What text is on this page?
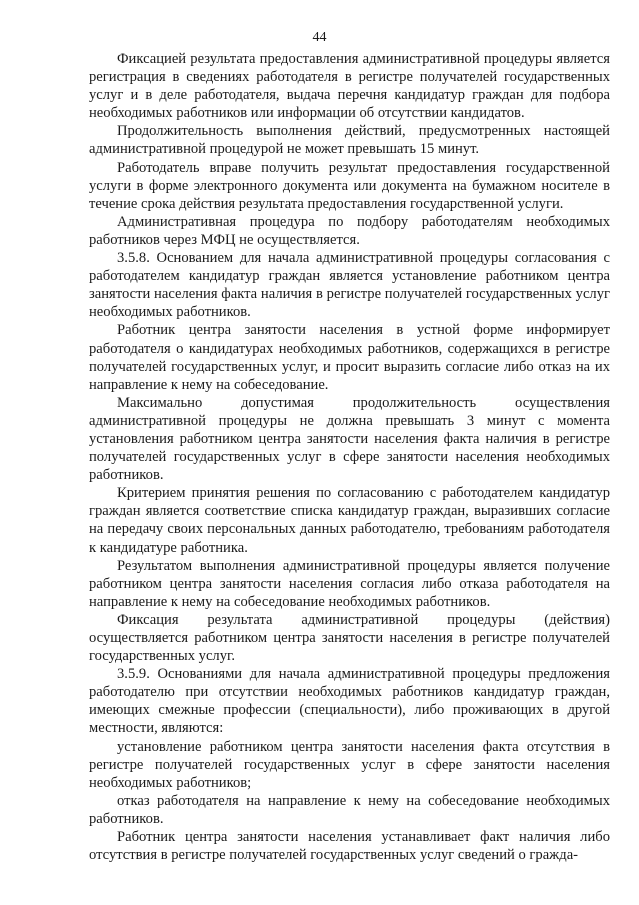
44

Фиксацией результата предоставления административной процедуры является регистрация в сведениях работодателя в регистре получателей государственных услуг и в деле работодателя, выдача перечня кандидатур граждан для подбора необходимых работников или информации об отсутствии кандидатов.

Продолжительность выполнения действий, предусмотренных настоящей административной процедурой не может превышать 15 минут.

Работодатель вправе получить результат предоставления государственной услуги в форме электронного документа или документа на бумажном носителе в течение срока действия результата предоставления государственной услуги.

Административная процедура по подбору работодателям необходимых работников через МФЦ не осуществляется.

3.5.8. Основанием для начала административной процедуры согласования с работодателем кандидатур граждан является установление работником центра занятости населения факта наличия в регистре получателей государственных услуг необходимых работников.

Работник центра занятости населения в устной форме информирует работодателя о кандидатурах необходимых работников, содержащихся в регистре получателей государственных услуг, и просит выразить согласие либо отказ на их направление к нему на собеседование.

Максимально допустимая продолжительность осуществления административной процедуры не должна превышать 3 минут с момента установления работником центра занятости населения факта наличия в регистре получателей государственных услуг в сфере занятости населения необходимых работников.

Критерием принятия решения по согласованию с работодателем кандидатур граждан является соответствие списка кандидатур граждан, выразивших согласие на передачу своих персональных данных работодателю, требованиям работодателя к кандидатуре работника.

Результатом выполнения административной процедуры является получение работником центра занятости населения согласия либо отказа работодателя на направление к нему на собеседование необходимых работников.

Фиксация результата административной процедуры (действия) осуществляется работником центра занятости населения в регистре получателей государственных услуг.

3.5.9. Основаниями для начала административной процедуры предложения работодателю при отсутствии необходимых работников кандидатур граждан, имеющих смежные профессии (специальности), либо проживающих в другой местности, являются:

установление работником центра занятости населения факта отсутствия в регистре получателей государственных услуг в сфере занятости населения необходимых работников;

отказ работодателя на направление к нему на собеседование необходимых работников.

Работник центра занятости населения устанавливает факт наличия либо отсутствия в регистре получателей государственных услуг сведений о гражда-
